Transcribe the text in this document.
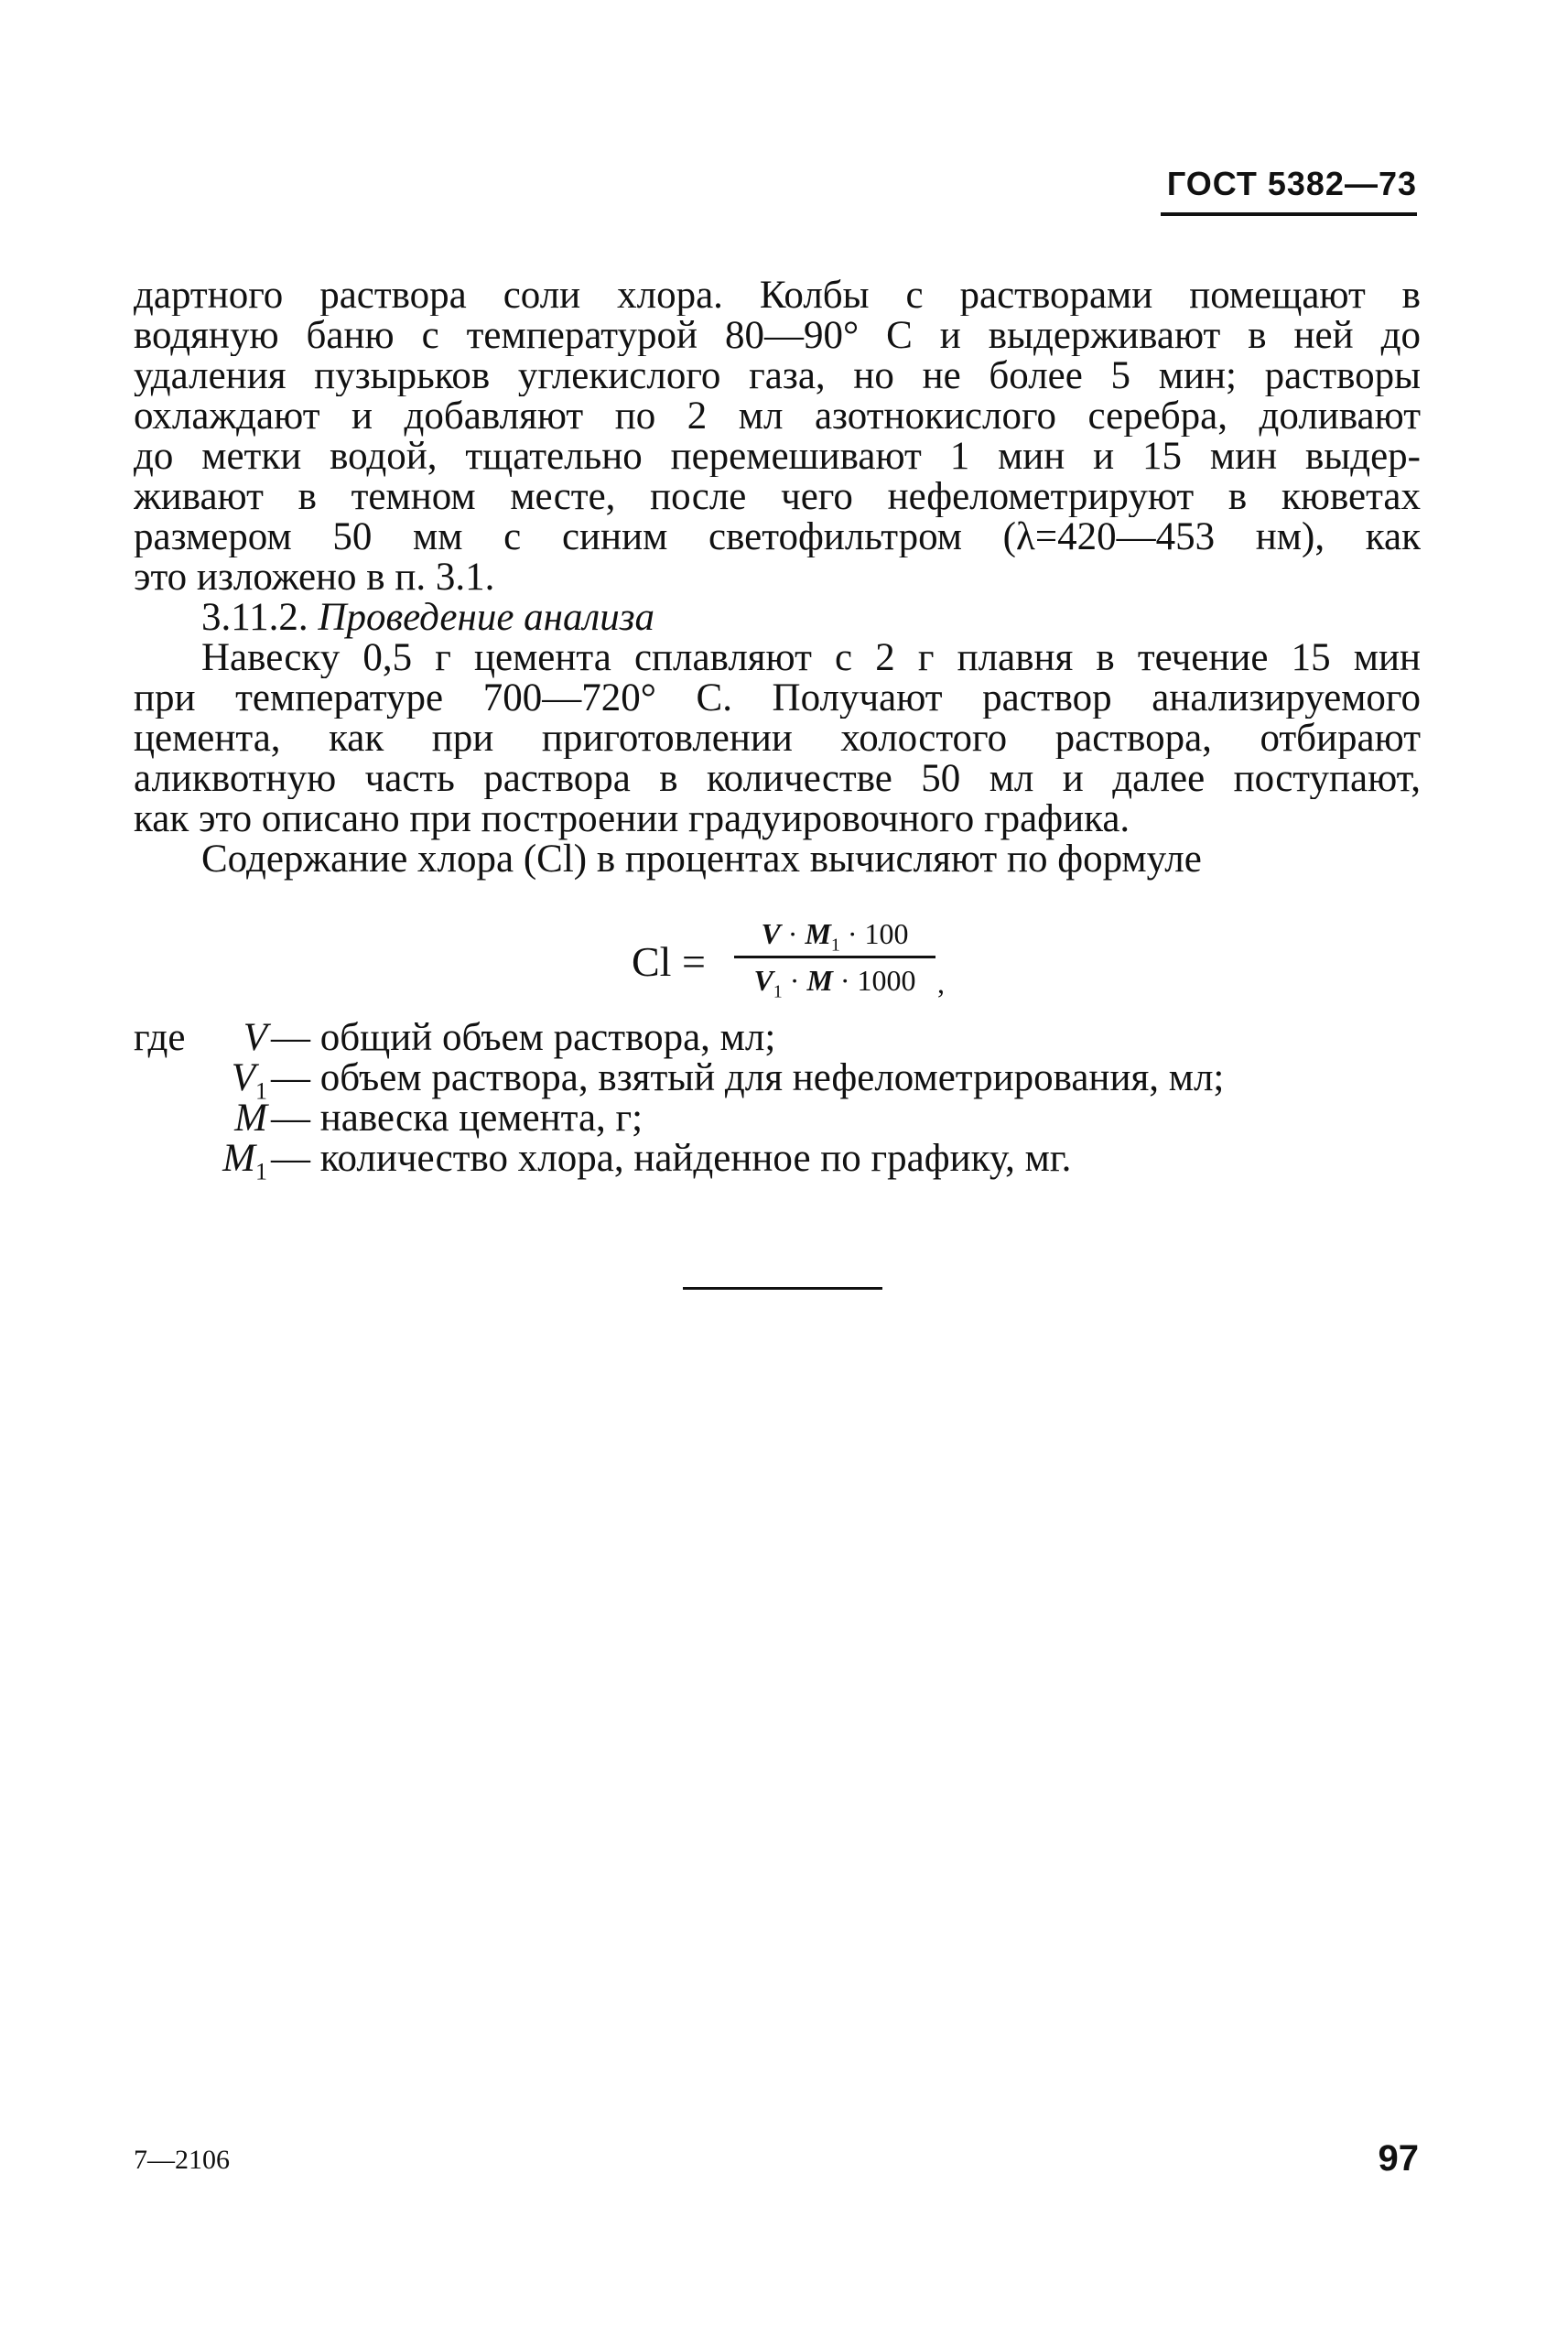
ГОСТ 5382—73
дартного раствора соли хлора. Колбы с растворами помещают в
водяную баню с температурой 80—90° С и выдерживают в ней до
удаления пузырьков углекислого газа, но не более 5 мин; растворы
охлаждают и добавляют по 2 мл азотнокислого серебра, доливают
до метки водой, тщательно перемешивают 1 мин и 15 мин выдер-
живают в темном месте, после чего нефелометрируют в кюветах
размером 50 мм с синим светофильтром (λ=420—453 нм), как
это изложено в п. 3.1.
3.11.2. Проведение анализа
Навеску 0,5 г цемента сплавляют с 2 г плавня в течение 15 мин
при температуре 700—720° С. Получают раствор анализируемого
цемента, как при приготовлении холостого раствора, отбирают
аликвотную часть раствора в количестве 50 мл и далее поступают,
как это описано при построении градуировочного графика.
Содержание хлора (Cl) в процентах вычисляют по формуле
Cl =
$V \cdot M_1 \cdot 100$
$V_1 \cdot M \cdot 1000$ ,
где	V — общий объем раствора, мл;
$V_1$ — объем раствора, взятый для нефелометрирования, мл;
M — навеска цемента, г;
$M_1$ — количество хлора, найденное по графику, мг.
7—2106	97
